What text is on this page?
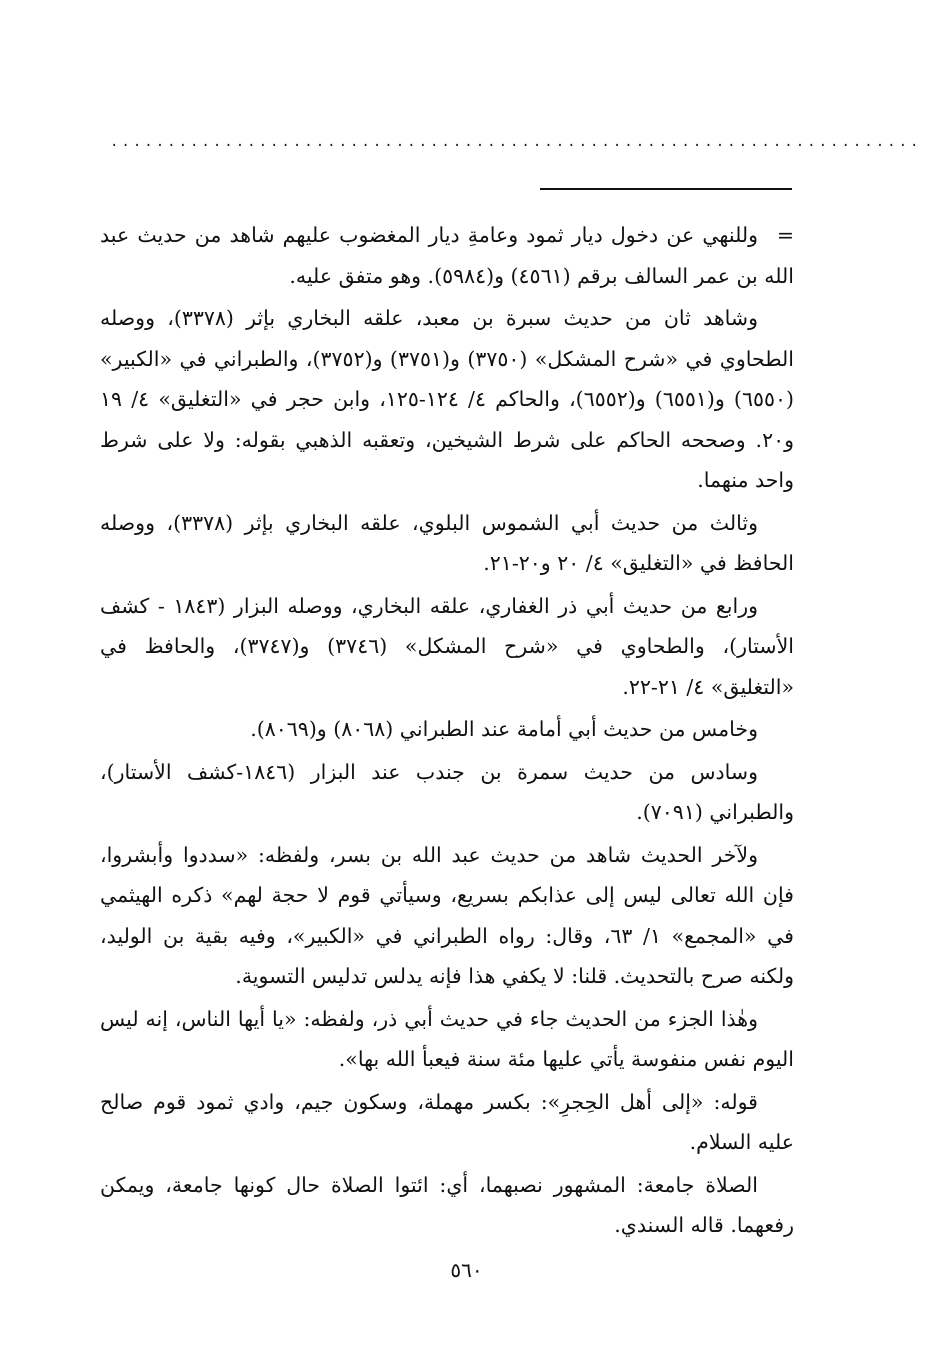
·······································································

=وللنهي عن دخول ديار ثمود وعامةِ ديار المغضوب عليهم شاهد من حديث عبد الله بن عمر السالف برقم (٤٥٦١) و(٥٩٨٤). وهو متفق عليه.

وشاهد ثان من حديث سبرة بن معبد، علقه البخاري بإثر (٣٣٧٨)، ووصله الطحاوي في «شرح المشكل» (٣٧٥٠) و(٣٧٥١) و(٣٧٥٢)، والطبراني في «الكبير» (٦٥٥٠) و(٦٥٥١) و(٦٥٥٢)، والحاكم ٤/ ١٢٤-١٢٥، وابن حجر في «التغليق» ٤/ ١٩ و٢٠. وصححه الحاكم على شرط الشيخين، وتعقبه الذهبي بقوله: ولا على شرط واحد منهما.

وثالث من حديث أبي الشموس البلوي، علقه البخاري بإثر (٣٣٧٨)، ووصله الحافظ في «التغليق» ٤/ ٢٠ و٢٠-٢١.

ورابع من حديث أبي ذر الغفاري، علقه البخاري، ووصله البزار (١٨٤٣ - كشف الأستار)، والطحاوي في «شرح المشكل» (٣٧٤٦) و(٣٧٤٧)، والحافظ في «التغليق» ٤/ ٢١-٢٢.

وخامس من حديث أبي أمامة عند الطبراني (٨٠٦٨) و(٨٠٦٩).

وسادس من حديث سمرة بن جندب عند البزار (١٨٤٦-كشف الأستار)، والطبراني (٧٠٩١).

ولآخر الحديث شاهد من حديث عبد الله بن بسر، ولفظه: «سددوا وأبشروا، فإن الله تعالى ليس إلى عذابكم بسريع، وسيأتي قوم لا حجة لهم» ذكره الهيثمي في «المجمع» ١/ ٦٣، وقال: رواه الطبراني في «الكبير»، وفيه بقية بن الوليد، ولكنه صرح بالتحديث. قلنا: لا يكفي هذا فإنه يدلس تدليس التسوية.

وهٰذا الجزء من الحديث جاء في حديث أبي ذر، ولفظه: «يا أيها الناس، إنه ليس اليوم نفس منفوسة يأتي عليها مئة سنة فيعبأ الله بها».

قوله: «إلى أهل الحِجرِ»: بكسر مهملة، وسكون جيم، وادي ثمود قوم صالح عليه السلام.

الصلاة جامعة: المشهور نصبهما، أي: ائتوا الصلاة حال كونها جامعة، ويمكن رفعهما. قاله السندي.

٥٦٠
